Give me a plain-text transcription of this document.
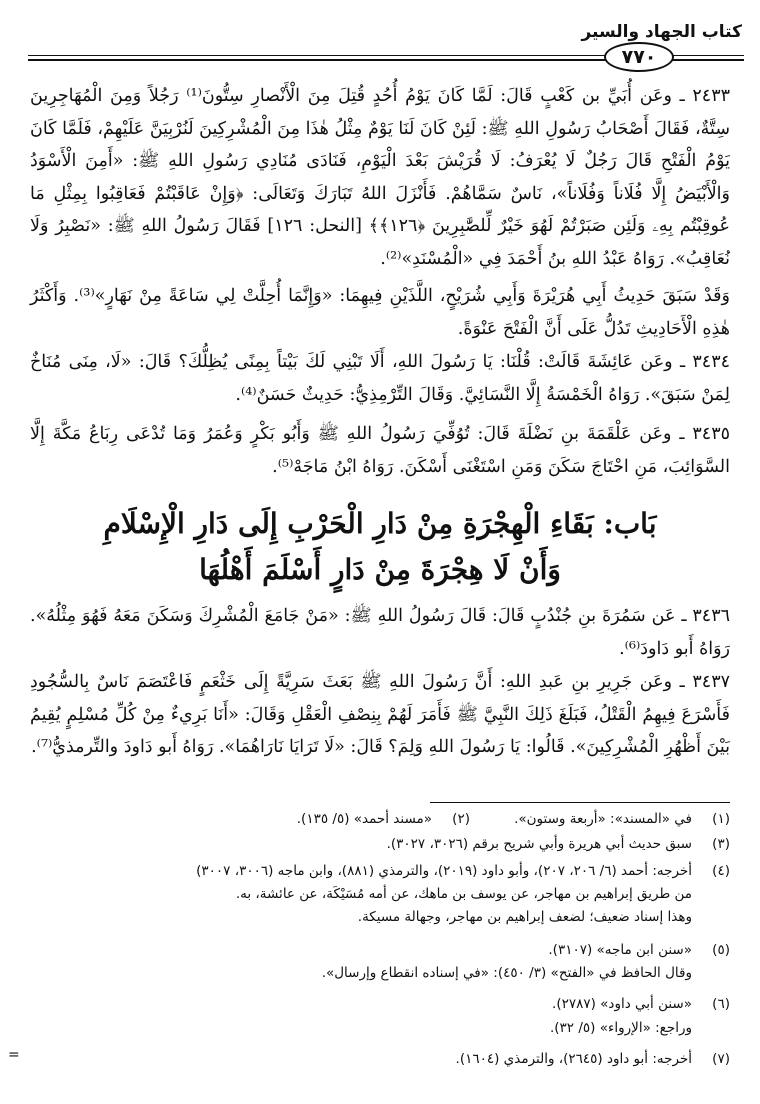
كتاب الجهاد والسير
٧٧٠
٢٤٣٣ ـ وعَن أُبَيِّ بن كَعْبٍ قَالَ: لَمَّا كَانَ يَوْمُ أُحُدٍ قُتِلَ مِنَ الْأَنْصارِ سِتُّونَ⁽¹⁾ رَجُلاً وَمِنَ الْمُهَاجِرِينَ سِتَّةٌ، فَقَالَ أَصْحَابُ رَسُولِ اللهِ ﷺ: لَئِنْ كَانَ لَنَا يَوْمٌ مِثْلُ هٰذَا مِنَ الْمُشْرِكِينَ لَنُرْبِيَنَّ عَلَيْهِمْ، فَلَمَّا كَانَ يَوْمُ الْفَتْحِ قَالَ رَجُلٌ لَا يُعْرَفُ: لَا قُرَيْشَ بَعْدَ الْيَوْمِ، فَنَادَى مُنَادِي رَسُولِ اللهِ ﷺ: «أَمِنَ الْأَسْوَدُ وَالْأَبْيَضُ إِلَّا فُلَاناً وَفُلَاناً»، نَاسٌ سَمَّاهُمْ. فَأَنْزَلَ اللهُ تَبَارَكَ وَتَعَالَى: ﴿وَإِنْ عَاقَبْتُمْ فَعَاقِبُوا بِمِثْلِ مَا عُوقِبْتُم بِهِۦ وَلَئِن صَبَرْتُمْ لَهُوَ خَيْرٌ لِّلصَّٰبِرِينَ ﴿١٢٦﴾﴾ [النحل: ١٢٦] فَقَالَ رَسُولُ اللهِ ﷺ: «نَصْبِرُ وَلَا نُعَاقِبُ». رَوَاهُ عَبْدُ اللهِ بنُ أَحْمَدَ فِي «الْمُسْنَدِ»⁽²⁾.
وَقَدْ سَبَقَ حَدِيثُ أَبِي هُرَيْرَةَ وَأَبِي شُرَيْحٍ، اللَّذَيْنِ فِيهِمَا: «وَإِنَّمَا أُحِلَّتْ لِي سَاعَةً مِنْ نَهَارٍ»⁽³⁾. وَأَكْثَرُ هٰذِهِ الْأَحَادِيثِ تَدُلُّ عَلَى أَنَّ الْفَتْحَ عَنْوَةً.
٣٤٣٤ ـ وعَن عَائِشَةَ قَالَتْ: قُلْنَا: يَا رَسُولَ اللهِ، أَلَا تَبْنِي لَكَ بَيْتاً بِمِنًى يُظِلُّكَ؟ قَالَ: «لَا، مِنَى مُنَاخٌ لِمَنْ سَبَقَ». رَوَاهُ الْخَمْسَةُ إِلَّا النَّسَائِيَّ. وَقَالَ التِّرْمِذِيُّ: حَدِيثٌ حَسَنٌ⁽⁴⁾.
٣٤٣٥ ـ وعَن عَلْقَمَةَ بنِ نَضْلَةَ قَالَ: تُوُفِّيَ رَسُولُ اللهِ ﷺ وَأَبُو بَكْرٍ وَعُمَرُ وَمَا تُدْعَى رِبَاعُ مَكَّةَ إِلَّا السَّوَائِبَ، مَنِ احْتَاجَ سَكَنَ وَمَنِ اسْتَغْنَى أَسْكَنَ. رَوَاهُ ابْنُ مَاجَهْ⁽⁵⁾.
بَاب: بَقَاءِ الْهِجْرَةِ مِنْ دَارِ الْحَرْبِ إِلَى دَارِ الْإِسْلَامِ
وَأَنْ لَا هِجْرَةَ مِنْ دَارٍ أَسْلَمَ أَهْلُهَا
٣٤٣٦ ـ عَن سَمُرَةَ بنِ جُنْدُبٍ قَالَ: قَالَ رَسُولُ اللهِ ﷺ: «مَنْ جَامَعَ الْمُشْرِكَ وَسَكَنَ مَعَهُ فَهُوَ مِثْلُهُ». رَوَاهُ أَبو دَاودَ⁽⁶⁾.
٣٤٣٧ ـ وعَن جَرِيرِ بنِ عَبدِ اللهِ: أَنَّ رَسُولَ اللهِ ﷺ بَعَثَ سَرِيَّةً إِلَى خَثْعَمٍ فَاعْتَصَمَ نَاسٌ بِالسُّجُودِ فَأَسْرَعَ فِيهِمُ الْقَتْلُ، فَبَلَغَ ذَلِكَ النَّبِيَّ ﷺ فَأَمَرَ لَهُمْ بِنِصْفِ الْعَقْلِ وَقَالَ: «أَنَا بَرِيءٌ مِنْ كُلِّ مُسْلِمٍ يُقِيمُ بَيْنَ أَظْهُرِ الْمُشْرِكِينَ». قَالُوا: يَا رَسُولَ اللهِ وَلِمَ؟ قَالَ: «لَا تَرَايَا نَارَاهُمَا». رَوَاهُ أَبو دَاودَ والتِّرمذيُّ⁽⁷⁾.
(١)في «المسند»: «أربعة وستون».
(٢)«مسند أحمد» (٥/ ١٣٥).
(٣)سبق حديث أبي هريرة وأبي شريح برقم (٣٠٢٦، ٣٠٢٧).
(٤)أخرجه: أحمد (٦/ ٢٠٦، ٢٠٧)، وأبو داود (٢٠١٩)، والترمذي (٨٨١)، وابن ماجه (٣٠٠٦، ٣٠٠٧)
من طريق إبراهيم بن مهاجر، عن يوسف بن ماهك، عن أمه مُسَيْكَة، عن عائشة، به.
وهذا إسناد ضعيف؛ لضعف إبراهيم بن مهاجر، وجهالة مسيكة.
(٥)«سنن ابن ماجه» (٣١٠٧).
وقال الحافظ في «الفتح» (٣/ ٤٥٠): «في إسناده انقطاع وإرسال».
(٦)«سنن أبي داود» (٢٧٨٧).
وراجع: «الإرواء» (٥/ ٣٢).
(٧)أخرجه: أبو داود (٢٦٤٥)، والترمذي (١٦٠٤).
=
